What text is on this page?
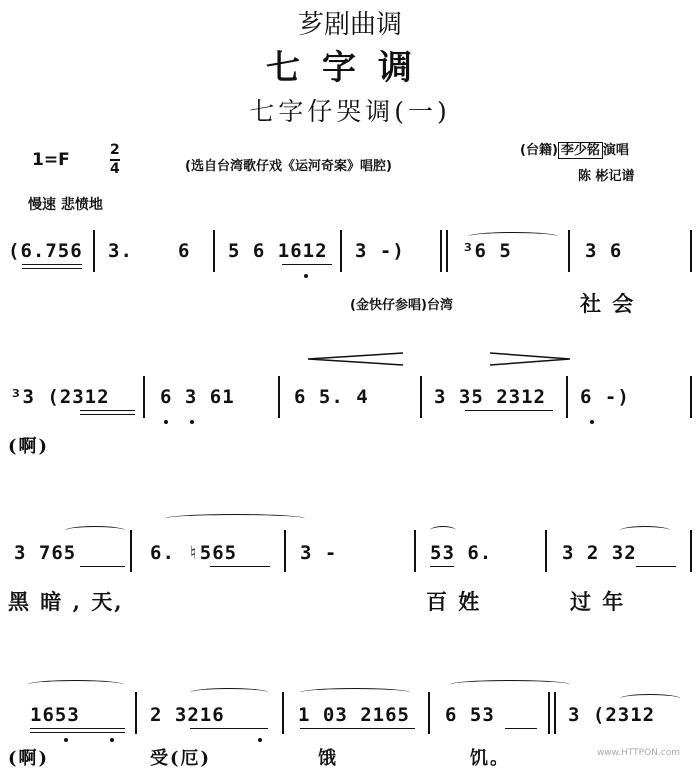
芗剧曲调
七字调
七字仔哭调(一)
1=F	2
4	(选自台湾歌仔戏《运河奇案》唱腔)
(台籍) 李少铭 演唱
陈 彬记谱
慢速 悲愤地
(6.756 3. 6 5 6 1612 3 -)	³6 5	3 6
(金快仔参唱)台湾	社 会
³3 (2312	6 3 61	6 5. 4	3 35 2312 6 -)
(啊)
3 765	6. ♮565	3 -	53 6.	3 2 32
黑 暗 , 天,	百 姓	过 年
1653	2 3216	1 03 2165 6 53	3 (2312
(啊)	受(厄)	饿	饥。	www.HTTPON.com
